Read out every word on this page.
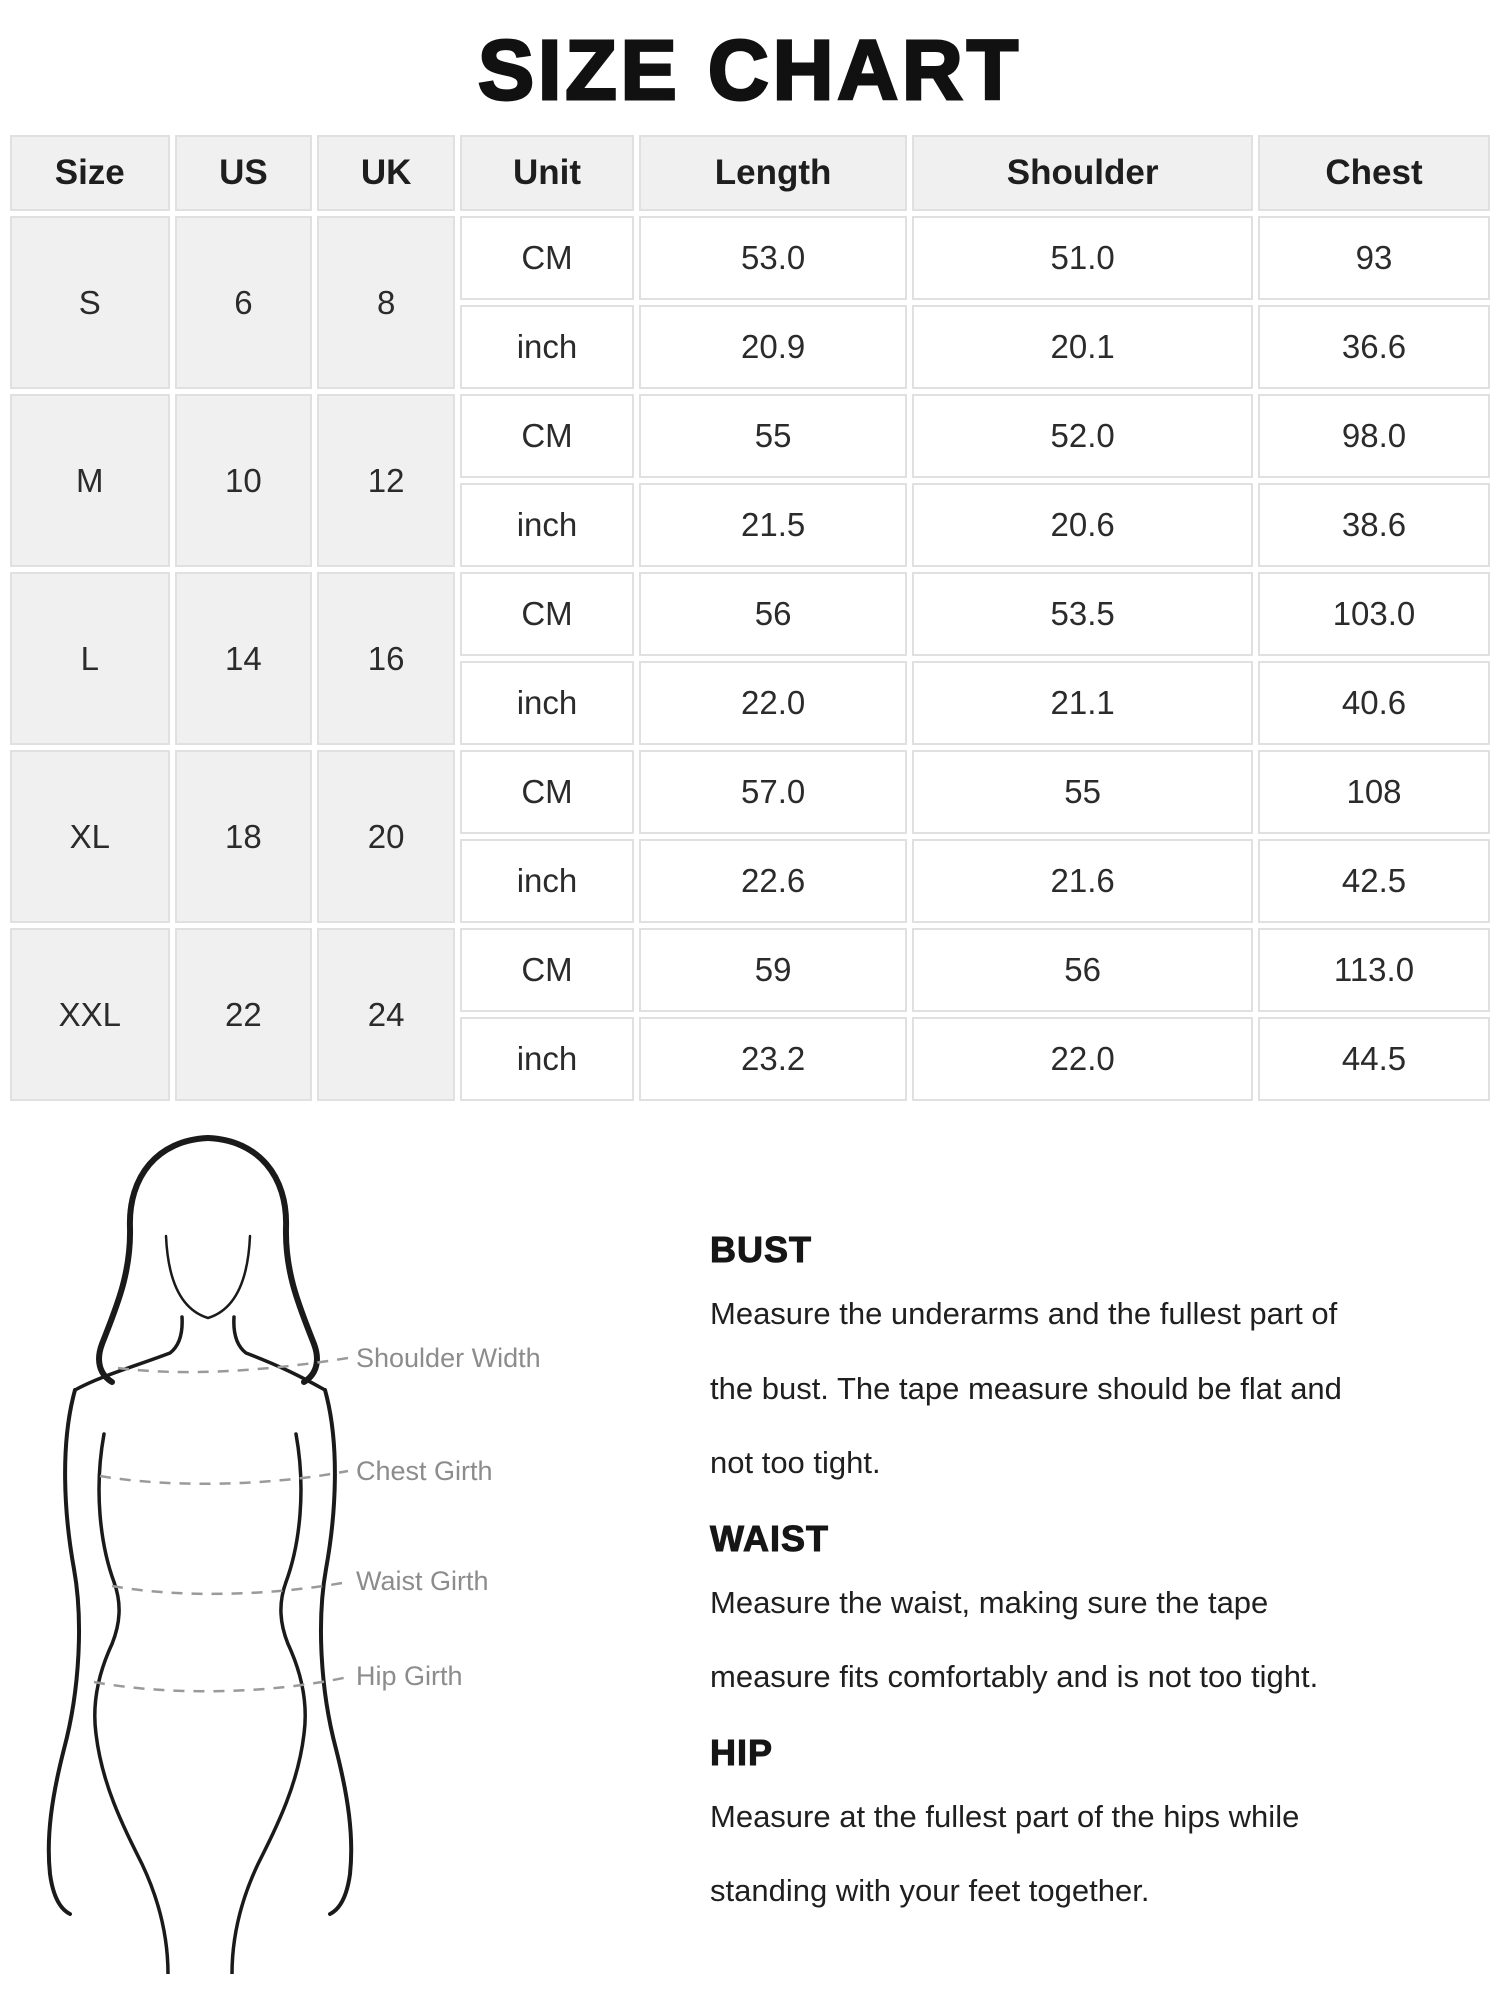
SIZE CHART
Size	US	UK	Unit	Length	Shoulder	Chest
S	6	8	CM	53.0	51.0	93
			inch	20.9	20.1	36.6
M	10	12	CM	55	52.0	98.0
			inch	21.5	20.6	38.6
L	14	16	CM	56	53.5	103.0
			inch	22.0	21.1	40.6
XL	18	20	CM	57.0	55	108
			inch	22.6	21.6	42.5
XXL	22	24	CM	59	56	113.0
			inch	23.2	22.0	44.5
Shoulder Width
Chest Girth
Waist Girth
Hip Girth
BUST

Measure the underarms and the fullest part of the bust. The tape measure should be flat and not too tight.

WAIST

Measure the waist, making sure the tape measure fits comfortably and is not too tight.

HIP

Measure at the fullest part of the hips while standing with your feet together.
